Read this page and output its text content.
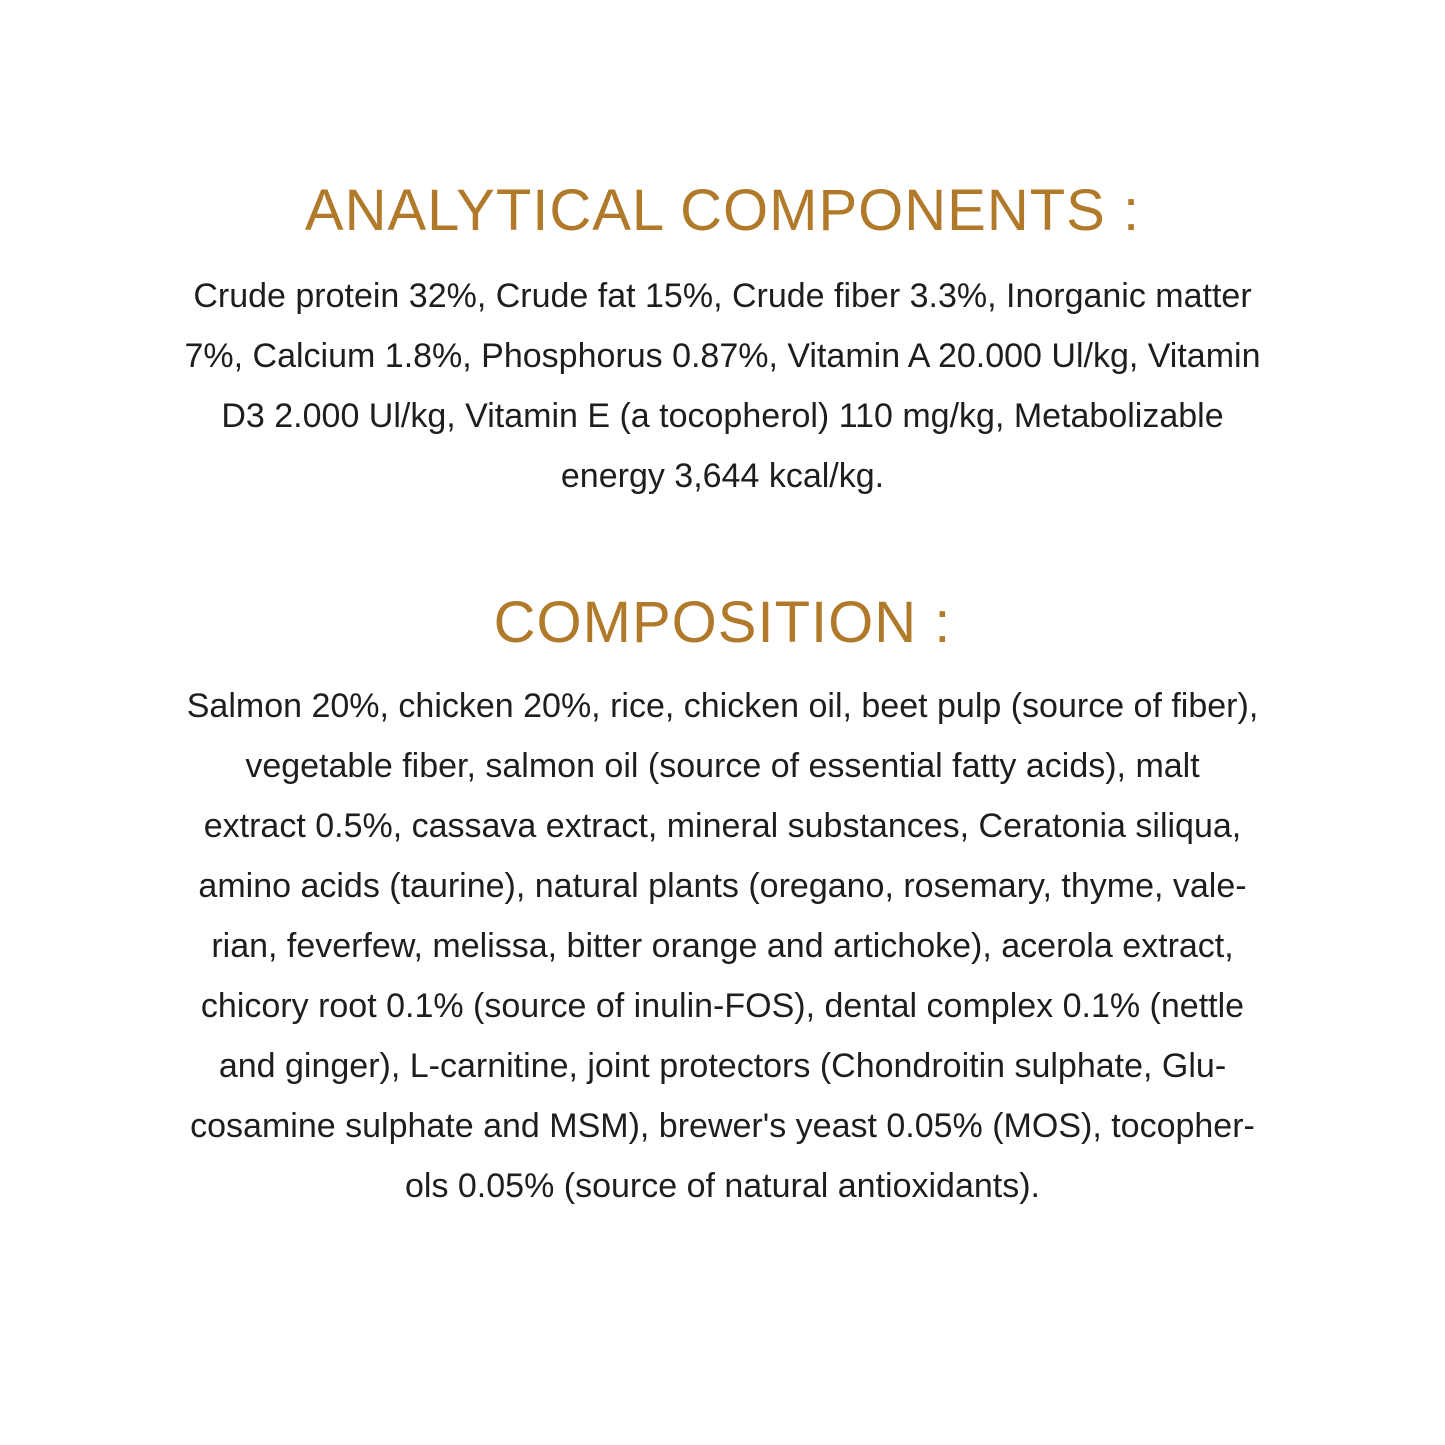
ANALYTICAL COMPONENTS :

Crude protein 32%, Crude fat 15%, Crude fiber 3.3%, Inorganic matter
7%, Calcium 1.8%, Phosphorus 0.87%, Vitamin A 20.000 Ul/kg, Vitamin
D3 2.000 Ul/kg, Vitamin E (a tocopherol) 110 mg/kg, Metabolizable
energy 3,644 kcal/kg.

COMPOSITION :

Salmon 20%, chicken 20%, rice, chicken oil, beet pulp (source of fiber),
vegetable fiber, salmon oil (source of essential fatty acids), malt
extract 0.5%, cassava extract, mineral substances, Ceratonia siliqua,
amino acids (taurine), natural plants (oregano, rosemary, thyme, vale-
rian, feverfew, melissa, bitter orange and artichoke), acerola extract,
chicory root 0.1% (source of inulin-FOS), dental complex 0.1% (nettle
and ginger), L-carnitine, joint protectors (Chondroitin sulphate, Glu-
cosamine sulphate and MSM), brewer's yeast 0.05% (MOS), tocopher-
ols 0.05% (source of natural antioxidants).
